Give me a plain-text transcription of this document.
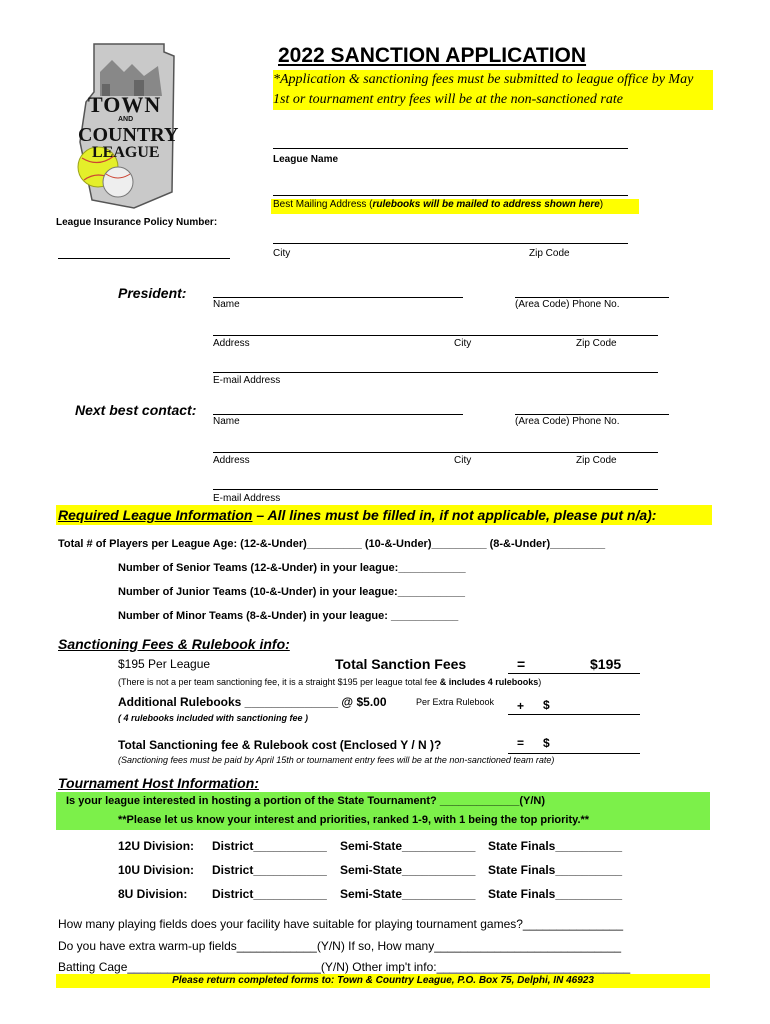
TOWN
AND
COUNTRY
LEAGUE
2022 SANCTION APPLICATION
*Application & sanctioning fees must be submitted to league office by May 1st or tournament entry fees will be at the non-sanctioned rate
League Name
Best Mailing Address (rulebooks will be mailed to address shown here)
League Insurance Policy Number:
City	Zip Code
President:
Name	(Area Code) Phone No.
Address	City	Zip Code
E-mail Address
Next best contact:
Name	(Area Code) Phone No.
Address	City	Zip Code
E-mail Address
Required League Information – All lines must be filled in, if not applicable, please put n/a):
Total # of Players per League Age: (12-&-Under)_________ (10-&-Under)_________ (8-&-Under)_________
Number of Senior Teams (12-&-Under) in your league:___________
Number of Junior Teams (10-&-Under) in your league:___________
Number of Minor Teams (8-&-Under) in your league: ___________
Sanctioning Fees & Rulebook info:
$195 Per League	Total Sanction Fees	=	$195
(There is not a per team sanctioning fee, it is a straight $195 per league total fee & includes 4 rulebooks)
Additional Rulebooks ______________ @ $5.00	Per Extra Rulebook + $
( 4 rulebooks included with sanctioning fee )
Total Sanctioning fee & Rulebook cost (Enclosed Y / N )?	= $
(Sanctioning fees must be paid by April 15th or tournament entry fees will be at the non-sanctioned team rate)
Tournament Host Information:
Is your league interested in hosting a portion of the State Tournament? _____________(Y/N)
**Please let us know your interest and priorities, ranked 1-9, with 1 being the top priority.**
12U Division: District___________ Semi-State___________ State Finals__________
10U Division: District___________ Semi-State___________ State Finals__________
8U Division: District___________ Semi-State___________ State Finals__________
How many playing fields does your facility have suitable for playing tournament games?_______________
Do you have extra warm-up fields____________(Y/N) If so, How many____________________________
Batting Cage_____________________________(Y/N) Other imp't info:_____________________________
Please return completed forms to: Town & Country League, P.O. Box 75, Delphi, IN 46923
